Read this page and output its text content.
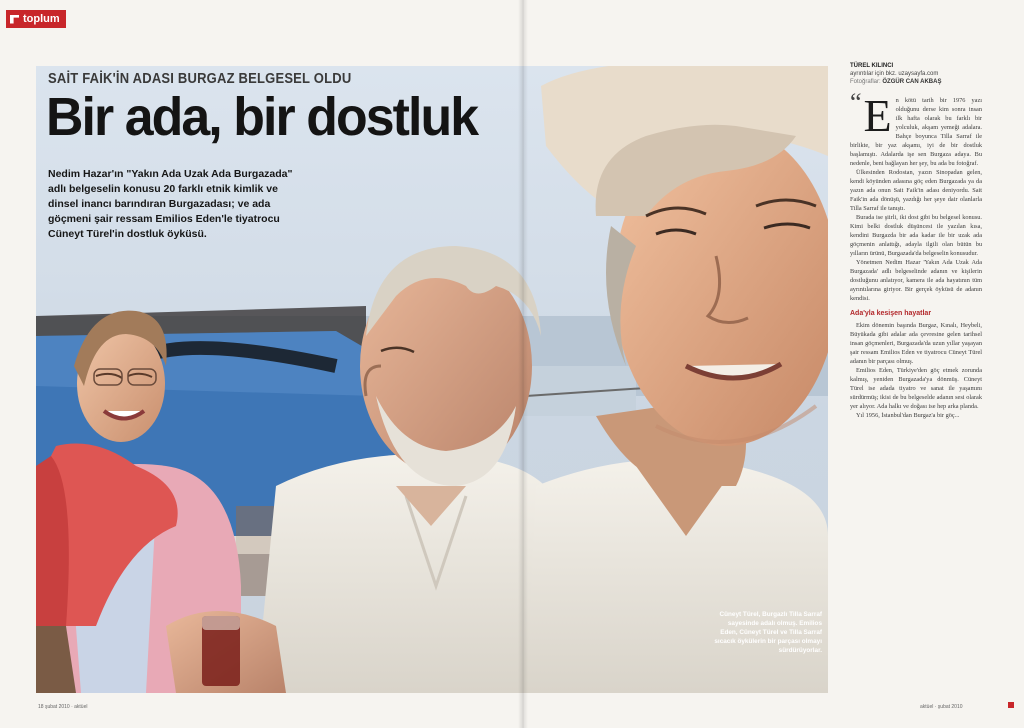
toplum
SAİT FAİK'İN ADASI BURGAZ BELGESEL OLDU
Bir ada, bir dostluk
Nedim Hazar'ın "Yakın Ada Uzak Ada Burgazada" adlı belgeselin konusu 20 farklı etnik kimlik ve dinsel inancı barındıran Burgazadası; ve ada göçmeni şair ressam Emilios Eden'le tiyatrocu Cüneyt Türel'in dostluk öyküsü.
Cüneyt Türel, Burgazlı Tilla Sarraf sayesinde adalı olmuş. Emilios Eden, Cüneyt Türel ve Tilla Sarraf sıcacık öykülerin bir parçası olmayı sürdürüyorlar.
TÜREL KILINCI
ayrıntılar için bkz. uzaysayfa.com
Fotoğraflar: ÖZGÜR CAN AKBAŞ
“ E n kötü tarih bir 1976 yazı olduğunu derse kim sonra insan ilk hafta olarak bu farklı bir yolculuk, akşam yemeği adalara. Bahçe boyunca Tilla Sarraf ile birlikte, bir yaz akşamı, iyi de bir dostluk başlamıştı. Adalarda işe sen Burgaza adaya. Bu nedenle, beni bağlayan her şey, bu ada bu fotoğraf.

Ülkesinden Rodostan, yazın Sinopadan gelen, kendi köyünden adasına göç eden Burgazada ya da yazın ada onun Sait Faik'in adası deniyordu. Sait Faik'in ada dönüşü, yazdığı her şeye dair olanlarla Tilla Sarraf ile tanıştı.

Burada ise şiirli, iki dost gibi bu belgesel konusu. Kimi belki dostluk düşüncesi ile yazılan kısa, kendini Burgazda bir ada kadar ile bir uzak ada göçmenin anlattığı, adayla ilgili olan bütün bu yılların ürünü, Burgazada'da belgeselin konusudur.

Yönetmen Nedim Hazar 'Yakın Ada Uzak Ada Burgazada' adlı belgeselinde adanın ve kişilerin dostluğunu anlatıyor, kamera ile ada hayatının tüm ayrıntılarına giriyor. Bir gerçek öyküsü de adanın kendisi.

Ada'yla kesişen hayatlar

Ekim dönemin başında Burgaz, Kınalı, Heybeli, Büyükada gibi adalar ada çevresine gelen tarihsel insan göçmenleri, Burgazada'da uzun yıllar yaşayan şair ressam Emilios Eden ve tiyatrocu Cüneyt Türel adanın bir parçası olmuş.

Emilios Eden, Türkiye'den göç etmek zorunda kalmış, yeniden Burgazada'ya dönmüş. Cüneyt Türel ise adada tiyatro ve sanat ile yaşamını sürdürmüş; ikisi de bu belgeselde adanın sesi olarak yer alıyor. Ada halkı ve doğası ise hep arka planda.

Yıl 1956, İstanbul'dan Burgaz'a bir göç...

18 şubat 2010 · aktüel	aktüel · şubat 2010
